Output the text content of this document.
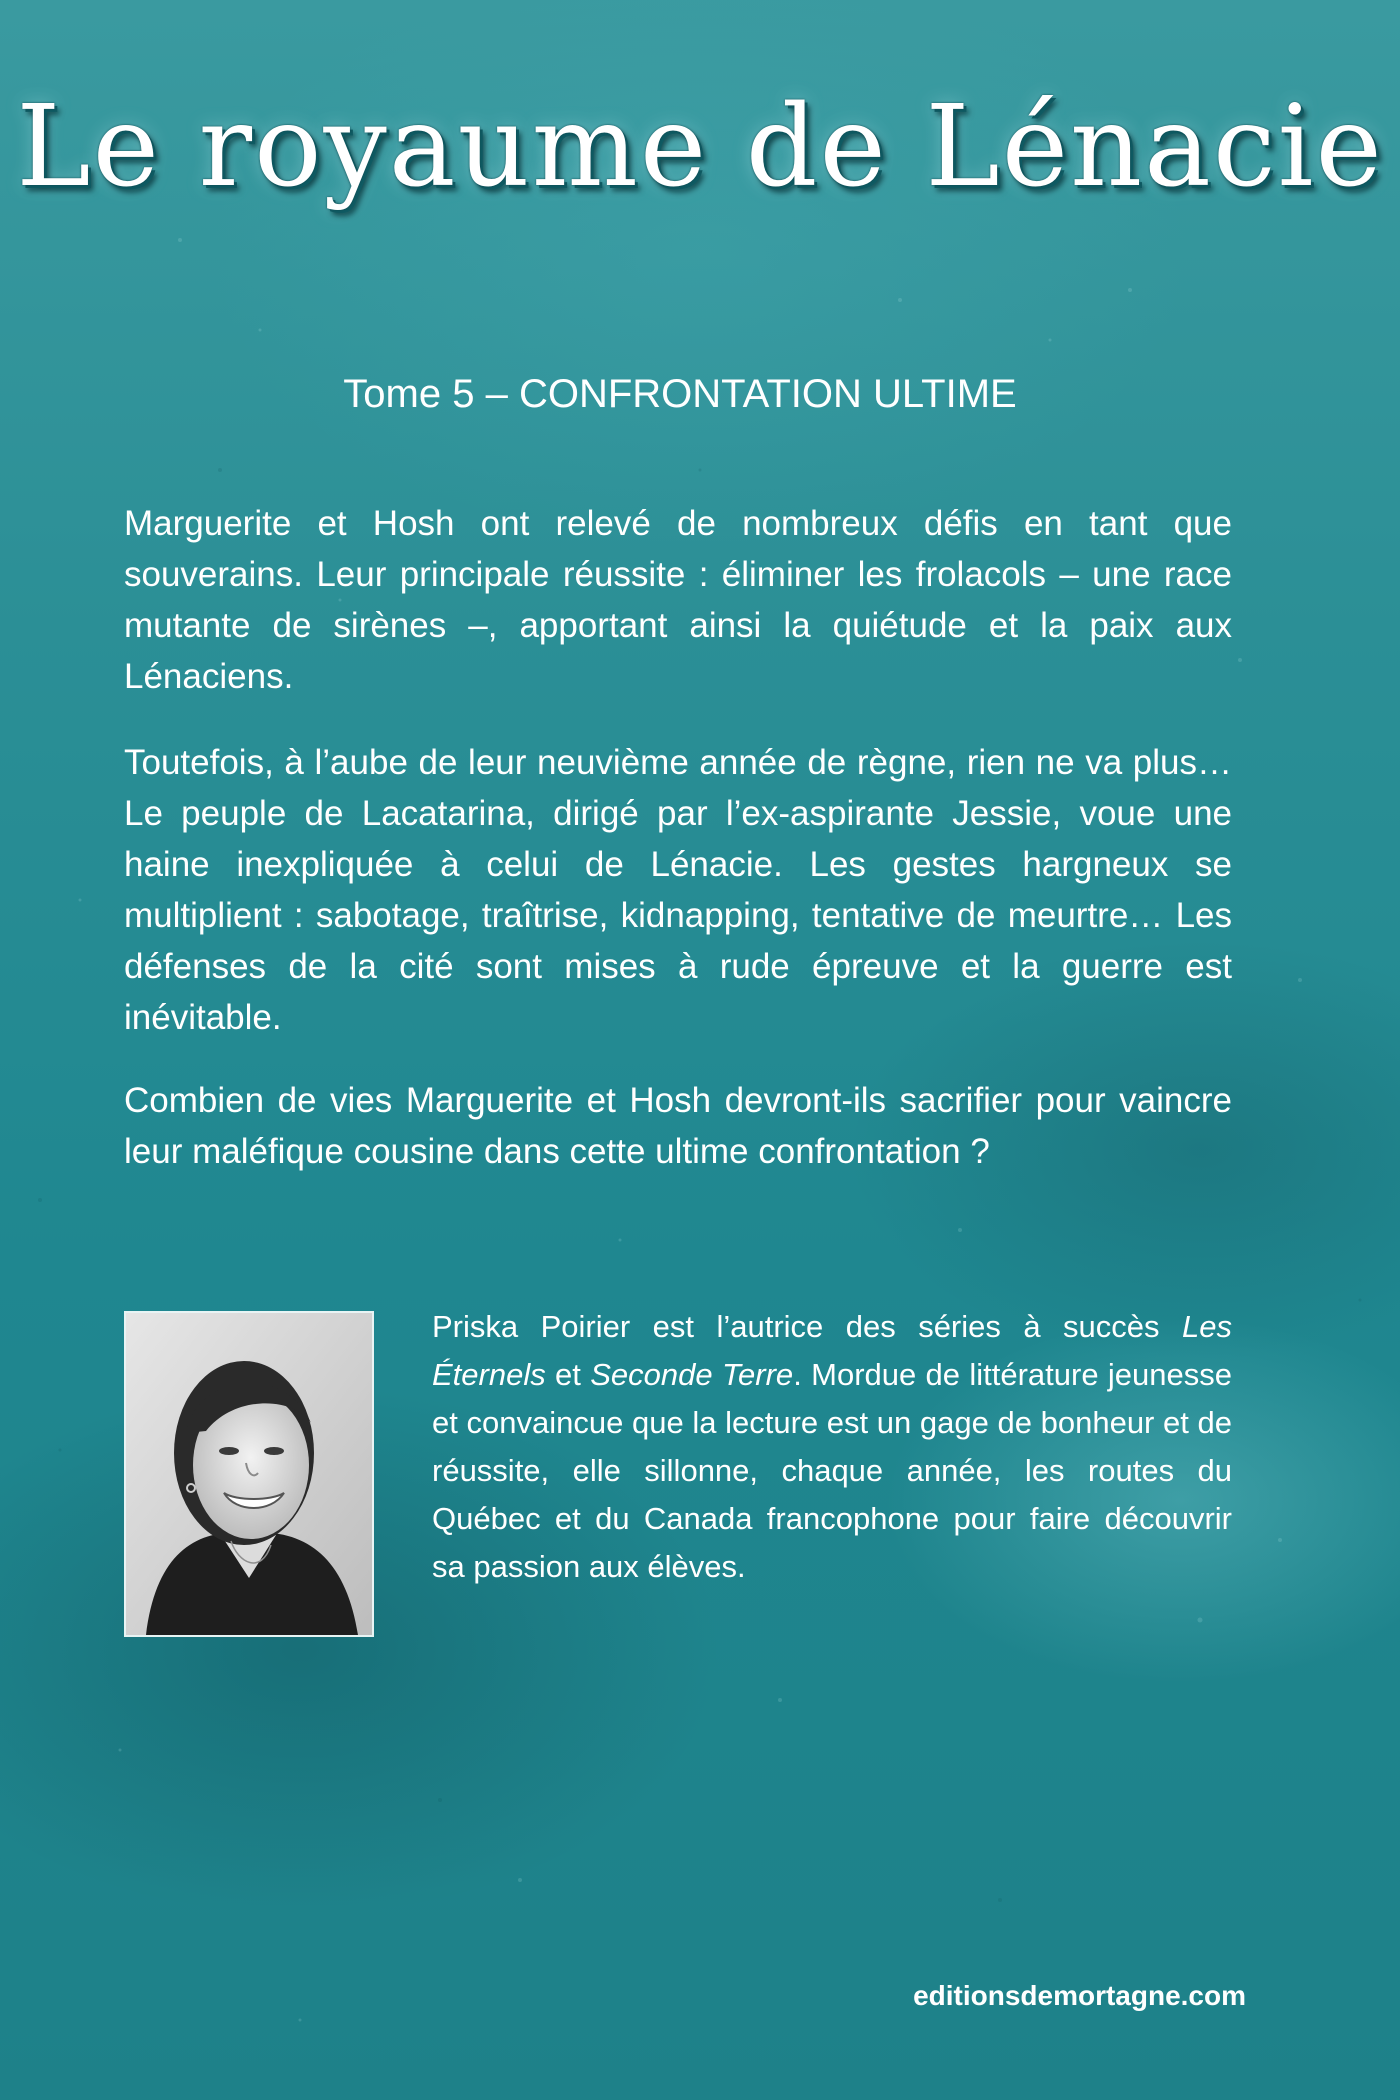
Le royaume de Lénacie
Tome 5 – CONFRONTATION ULTIME

Marguerite et Hosh ont relevé de nombreux défis en tant que souverains. Leur principale réussite : éliminer les frolacols – une race mutante de sirènes –, apportant ainsi la quiétude et la paix aux Lénaciens.

Toutefois, à l’aube de leur neuvième année de règne, rien ne va plus… Le peuple de Lacatarina, dirigé par l’ex-aspirante Jessie, voue une haine inexpliquée à celui de Lénacie. Les gestes hargneux se multiplient : sabotage, traîtrise, kidnapping, tentative de meurtre… Les défenses de la cité sont mises à rude épreuve et la guerre est inévitable.

Combien de vies Marguerite et Hosh devront-ils sacrifier pour vaincre leur maléfique cousine dans cette ultime confrontation ?

Priska Poirier est l’autrice des séries à succès Les Éternels et Seconde Terre. Mordue de littérature jeunesse et convaincue que la lecture est un gage de bonheur et de réussite, elle sillonne, chaque année, les routes du Québec et du Canada francophone pour faire découvrir sa passion aux élèves.

editionsdemortagne.com
